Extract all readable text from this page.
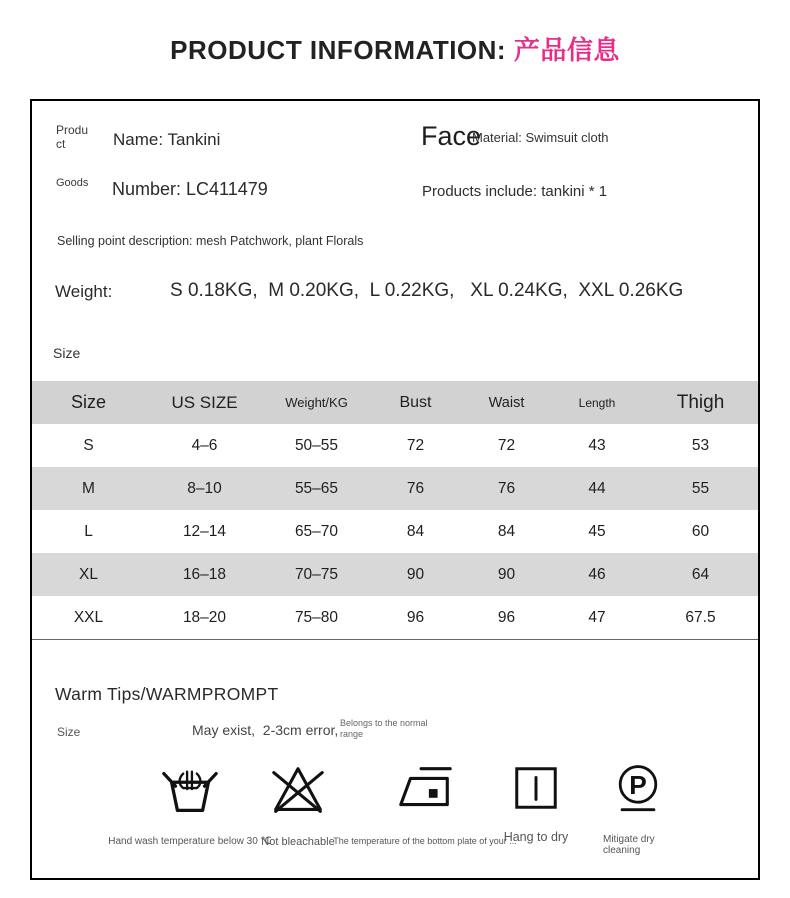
PRODUCT INFORMATION: 产品信息
Product	Name: Tankini	Face
Material: Swimsuit cloth
Goods Number: LC411479	Products include: tankini * 1
Selling point description: mesh Patchwork, plant Florals
Weight:	S 0.18KG,  M 0.20KG,  L 0.22KG,   XL 0.24KG,  XXL 0.26KG
Size
Size	US SIZE	Weight/KG	Bust	Waist	Length	Thigh
S	4–6	50–55	72	72	43	53
M	8–10	55–65	76	76	44	55
L	12–14	65–70	84	84	45	60
XL	16–18	70–75	90	90	46	64
XXL	18–20	75–80	96	96	47	67.5
Warm Tips/WARMPROMPT
Size	May exist,  2-3cm error, Belongs to the normal range
Hand wash temperature below 30 ℃
Not bleachable
The temperature of the bottom plate of your ...
Hang to dry
P
Mitigate dry cleaning
